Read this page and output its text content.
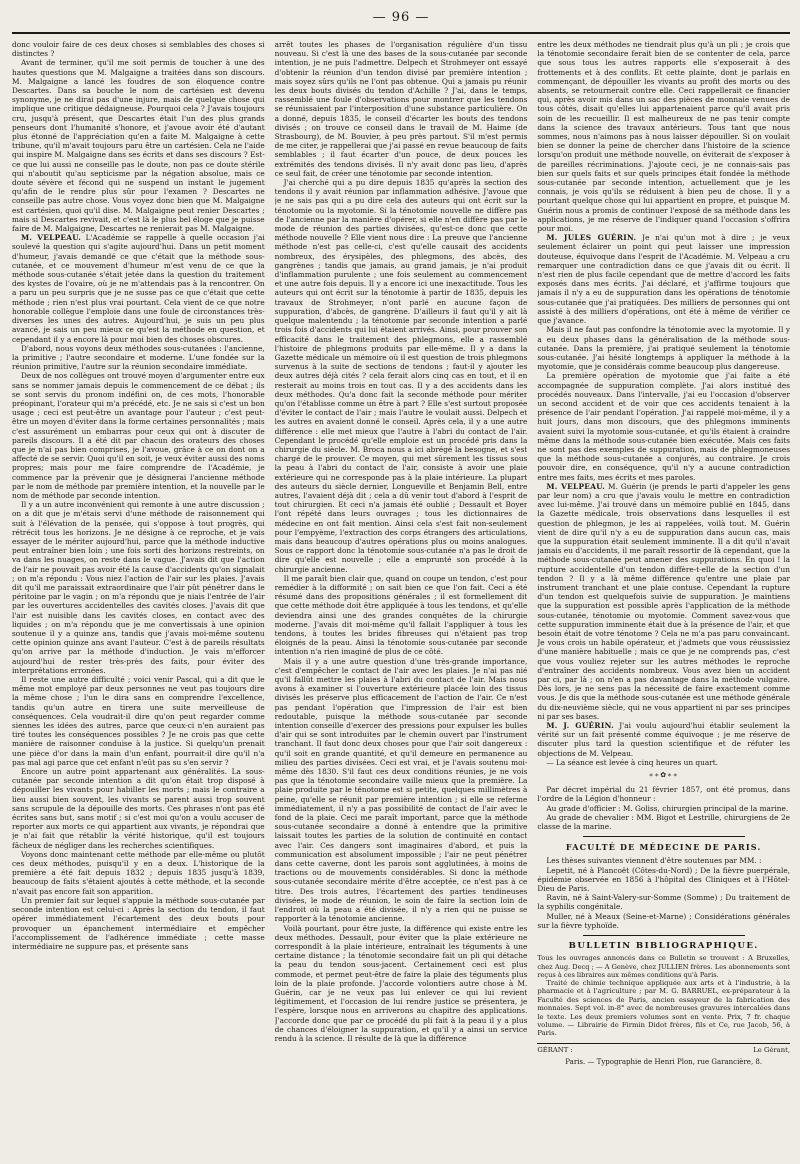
— 96 —

donc vouloir faire de ces deux choses si semblables des choses si distinctes ?

Avant de terminer, qu'il me soit permis de toucher à une des hautes questions que M. Malgaigne a traitées dans son discours. M. Malgaigne a lancé les foudres de son éloquence contre Descartes. Dans sa bouche le nom de cartésien est devenu synonyme, je ne dirai pas d'une injure, mais de quelque chose qui implique une critique dédaigneuse. Pourquoi cela ? J'avais toujours cru, jusqu'à présent, que Descartes était l'un des plus grands penseurs dont l'humanité s'honore, et j'avoue avoir été d'autant plus étonné de l'appréciation qu'en a faite M. Malgaigne à cette tribune, qu'il m'avait toujours paru être un cartésien. Cela ne l'aide qui inspire M. Malgaigne dans ses écrits et dans ses discours ? Est-ce que lui aussi ne conseille pas le doute, non pas ce doute stérile qui n'aboutit qu'au septicisme par la négation absolue, mais ce doute sévère et fécond qui ne suspend un instant le jugement qu'afin de le rendre plus sûr pour l'examen ? Descartes ne conseille pas autre chose. Vous voyez donc bien que M. Malgaigne est cartésien, quoi qu'il dise. M. Malgaigne peut renier Descartes ; mais si Descartes revivait, et c'est là le plus bel éloge que je puisse faire de M. Malgaigne, Descartes ne renierait pas M. Malgaigne.

M. VELPEAU. L'Académie se rappelle à quelle occasion j'ai soulevé la question qui s'agite aujourd'hui. Dans un petit moment d'humeur, j'avais demandé ce que c'était que la méthode sous-cutanée, et ce mouvement d'humeur m'est venu de ce que la méthode sous-cutanée s'était jetée dans la question du traitement des kystes de l'ovaire, où je ne m'attendais pas à la rencontrer. On a paru un peu surpris que je ne susse pas ce que c'était que cette méthode ; rien n'est plus vrai pourtant. Cela vient de ce que notre honorable collègue l'emploie dans une foule de circonstances très-diverses les unes des autres. Aujourd'hui, je suis un peu plus avancé, je sais un peu mieux ce qu'est la méthode en question, et cependant il y a encore là pour moi bien des choses obscures.

D'abord, nous voyons deux méthodes sous-cutanées : l'ancienne, la primitive ; l'autre secondaire et moderne. L'une fondée sur la réunion primitive, l'autre sur la réunion secondaire immédiate.

Deux de nos collègues ont trouvé moyen d'argumenter entre eux sans se nommer jamais depuis le commencement de ce débat ; ils se sont servis du pronom indéfini on, de ces mots, l'honorable préopinant, l'orateur qui m'a précédé, etc. Je ne sais si c'est un bon usage ; ceci est peut-être un avantage pour l'auteur ; c'est peut-être un moyen d'éviter dans la forme certaines personnalités ; mais c'est assurément un embarras pour ceux qui ont à discuter de pareils discours. Il a été dit par chacun des orateurs des choses que je n'ai pas bien comprises, je l'avoue, grâce à ce on dont on a affecté de se servir. Quoi qu'il en soit, je veux éviter aussi des noms propres; mais pour me faire comprendre de l'Académie, je commence par la prévenir que je désignerai l'ancienne méthode par le nom de méthode par première intention, et la nouvelle par le nom de méthode par seconde intention.

Il y a un autre inconvénient qui remonte à une autre discussion ; on a dit que je m'étais servi d'une méthode de raisonnement qui suit à l'élévation de la pensée, qui s'oppose à tout progrès, qui rétrécit tous les horizons. Je ne désigne à ce reproche, et je vais essayer de le mériter aujourd'hui, parce que la méthode inductive peut entraîner bien loin ; une fois sorti des horizons restreints, on va dans les nuages, on reste dans le vague. J'avais dit que l'action de l'air ne pouvait pas avoir été la cause d'accidents qu'on signalait ; on m'a répondu : Vous niez l'action de l'air sur les plaies. J'avais dit qu'il me paraissait extraordinaire que l'air pût pénétrer dans le péritoine par le vagin ; on m'a répondu que je niais l'entrée de l'air par les ouvertures accidentelles des cavités closes. J'avais dit que l'air est nuisible dans les cavités closes, en contact avec des liquides ; on m'a répondu que je me convertissais à une opinion soutenue il y a quinze ans, tandis que j'avais moi-même soutenu cette opinion quinze ans avant l'auteur. C'est à de pareils résultats qu'on arrive par la méthode d'induction. Je vais m'efforcer aujourd'hui de rester très-près des faits, pour éviter des interprétations erronées.

Il reste une autre difficulté ; voici venir Pascal, qui a dit que le même mot employé par deux personnes ne veut pas toujours dire la même chose ; l'un le dira sans en comprendre l'excellence, tandis qu'un autre en tirera une suite merveilleuse de conséquences. Cela voudrait-il dire qu'on peut regarder comme siennes les idées des autres, parce que ceux-ci n'en auraient pas tiré toutes les conséquences possibles ? Je ne crois pas que cette manière de raisonner conduise à la justice. Si quelqu'un prenait une pièce d'or dans la main d'un enfant, pourrait-il dire qu'il n'a pas mal agi parce que cet enfant n'eût pas su s'en servir ?

Encore un autre point appartenant aux généralités. La sous-cutanée par seconde intention a dit qu'on était trop disposé à dépouiller les vivants pour habiller les morts ; mais le contraire a lieu aussi bien souvent, les vivants se parent aussi trop souvent sans scrupule de la dépouille des morts. Ces phrases n'ont pas été écrites sans but, sans motif ; si c'est moi qu'on a voulu accuser de reporter aux morts ce qui appartient aux vivants, je répondrai que je n'ai fait que rétablir la vérité historique, qu'il est toujours fâcheux de négliger dans les recherches scientifiques.

Voyons donc maintenant cette méthode par elle-même ou plutôt ces deux méthodes, puisqu'il y en a deux. L'historique de la première a été fait depuis 1832 ; depuis 1835 jusqu'à 1839, beaucoup de faits s'étaient ajoutés à cette méthode, et la seconde n'avait pas encore fait son apparition.

Un premier fait sur lequel s'appuie la méthode sous-cutanée par seconde intention est celui-ci : Après la section du tendon, il faut opérer immédiatement l'écartement des deux bouts pour provoquer un épanchement intermédiaire et empêcher l'accomplissement de l'adhérence immédiate ; cette masse intermédiaire ne suppure pas, et présente sans

arrêt toutes les phases de l'organisation régulière d'un tissu nouveau. Si c'est là une des bases de la sous-cutanée par seconde intention, je ne puis l'admettre. Delpech et Strohmeyer ont essayé d'obtenir la réunion d'un tendon divisé par première intention ; mais soyez sûrs qu'ils ne l'ont pas obtenue. Qui a jamais pu réunir les deux bouts divisés du tendon d'Achille ? J'ai, dans le temps, rassemblé une foule d'observations pour montrer que les tendons se réunissaient par l'interposition d'une substance particulière. On a donné, depuis 1835, le conseil d'écarter les bouts des tendons divisés ; on trouve ce conseil dans le travail de M. Haime (de Strasbourg), de M. Bouvier, à peu près partout. S'il m'est permis de me citer, je rappellerai que j'ai passé en revue beaucoup de faits semblables ; il faut écarter d'un pouce, de deux pouces les extrémités des tendons divisés. Il n'y avait donc pas lieu, d'après ce seul fait, de créer une ténotomie par seconde intention.

J'ai cherché qui a pu dire depuis 1835 qu'après la section des tendons il y avait réunion par inflammation adhésive. J'avoue que je ne sais pas qui a pu dire cela des auteurs qui ont écrit sur la ténotomie ou la myotomie. Si la ténotomie nouvelle ne diffère pas de l'ancienne par la manière d'opérer, si elle n'en diffère pas par le mode de réunion des parties divisées, qu'est-ce donc que cette méthode nouvelle ? Elle vient nous dire : La preuve que l'ancienne méthode n'est pas celle-ci, c'est qu'elle causait des accidents nombreux, des érysipèles, des phlegmons, des abcès, des gangrènes ; tandis que jamais, au grand jamais, je n'ai produit d'inflammation purulente ; une fois seulement au commencement et une autre fois depuis. Il y a encore ici une inexactitude. Tous les auteurs qui ont écrit sur la ténotomie à partir de 1835, depuis les travaux de Strohmeyer, n'ont parlé en aucune façon de suppuration, d'abcès, de gangrène. D'ailleurs il faut qu'il y ait là quelque malentendu ; la ténotomie par seconde intention a parlé trois fois d'accidents qui lui étaient arrivés. Ainsi, pour prouver son efficacité dans le traitement des phlegmons, elle a rassemblé l'histoire de phlegmons produits par elle-même. Il y a dans la Gazette médicale un mémoire où il est question de trois phlegmons survenus à la suite de sections de tendons ; faut-il y ajouter les deux autres déjà cités ? cela ferait alors cinq cas en tout, et il en resterait au moins trois en tout cas. Il y a des accidents dans les deux méthodes. Qu'a donc fait la seconde méthode pour mériter qu'on l'établisse comme un être à part ? Elle s'est surtout proposée d'éviter le contact de l'air ; mais l'autre le voulait aussi. Delpech et les autres en avaient donné le conseil. Après cela, il y a une autre différence : elle met mieux que l'autre à l'abri du contact de l'air. Cependant le procédé qu'elle emploie est un procédé pris dans la chirurgie du siècle. M. Broca nous a ici abrégé la besogne, et s'est chargé de le prouver. Ce moyen, qui met sûrement les tissus sous la peau à l'abri du contact de l'air, consiste à avoir une plaie extérieure qui ne corresponde pas à la plaie intérieure. La plupart des auteurs du siècle dernier, Longueville et Benjamin Bell, entre autres, l'avaient déjà dit ; cela a dû venir tout d'abord à l'esprit de tout chirurgien. Et ceci n'a jamais été oublié ; Dessault et Boyer l'ont répété dans leurs ouvrages ; tous les dictionnaires de médecine en ont fait mention. Ainsi cela s'est fait non-seulement pour l'empyème, l'extraction des corps étrangers des articulations, mais dans beaucoup d'autres opérations plus ou moins analogues. Sous ce rapport donc la ténotomie sous-cutanée n'a pas le droit de dire qu'elle est nouvelle ; elle a emprunté son procédé à la chirurgie ancienne.

Il me paraît bien clair que, quand on coupe un tendon, c'est pour remédier à la difformité ; on sait bien ce que l'on fait. Ceci a été résumé dans des propositions générales ; il est formellement dit que cette méthode doit être appliquée à tous les tendons, et qu'elle deviendra ainsi une des grandes conquêtes de la chirurgie moderne. J'avais dit moi-même qu'il fallait l'appliquer à tous les tendons, à toutes les brides fibreuses qui n'étaient pas trop éloignés de la peau. Ainsi la ténotomie sous-cutanée par seconde intention n'a rien imaginé de plus de ce côté.

Mais il y a une autre question d'une très-grande importance, c'est d'empêcher le contact de l'air avec les plaies. Je n'ai pas nié qu'il fallût mettre les plaies à l'abri du contact de l'air. Mais nous avons à examiner si l'ouverture extérieure placée loin des tissus divisés les préserve plus efficacement de l'action de l'air. Ce n'est pas pendant l'opération que l'impression de l'air est bien redoutable, puisque la méthode sous-cutanée par seconde intention conseille d'exercer des pressions pour expulser les bulles d'air qui se sont introduites par le chemin ouvert par l'instrument tranchant. Il faut donc deux choses pour que l'air soit dangereux : qu'il soit en grande quantité, et qu'il demeure en permanence au milieu des parties divisées. Ceci est vrai, et je l'avais soutenu moi-même dès 1830. S'il faut ces deux conditions réunies, je ne vois pas que la ténotomie secondaire vaille mieux que la première. La plaie produite par le ténotome est si petite, quelques millimètres à peine, qu'elle se réunit par première intention ; si elle se referme immédiatement, il n'y a pas possibilité de contact de l'air avec le fond de la plaie. Ceci me paraît important, parce que la méthode sous-cutanée secondaire a donné à entendre que la primitive laissait toutes les parties de la solution de continuité en contact avec l'air. Ces dangers sont imaginaires d'abord, et puis la communication est absolument impossible ; l'air ne peut pénétrer dans cette caverne, dont les parois sont agglutinées, à moins de tractions ou de mouvements considérables. Si donc la méthode sous-cutanée secondaire mérite d'être acceptée, ce n'est pas à ce titre. Des trois autres, l'écartement des parties tendineuses divisées, le mode de réunion, le soin de faire la section loin de l'endroit où la peau a été divisée, il n'y a rien qui ne puisse se rapporter à la ténotomie ancienne.

Voilà pourtant, pour être juste, la différence qui existe entre les deux méthodes. Dessault, pour éviter que la plaie extérieure ne correspondît à la plaie intérieure, entraînait les téguments à une certaine distance ; la ténotomie secondaire fait un pli qui détache la peau du tendon sous-jacent. Certainement ceci est plus commode, et permet peut-être de faire la plaie des téguments plus loin de la plaie profonde. J'accorde volontiers autre chose à M. Guérin, car je ne veux pas lui enlever ce qui lui revient légitimement, et l'occasion de lui rendre justice se présentera, je l'espère, lorsque nous en arriverons au chapitre des applications. J'accorde donc que par ce procédé du pli fait à la peau il y a plus de chances d'éloigner la suppuration, et qu'il y a ainsi un service rendu à la science. Il résulte de là que la différence

entre les deux méthodes ne tiendrait plus qu'à un pli ; je crois que la ténotomie secondaire ferait bien de se contenter de cela, parce que sous tous les autres rapports elle s'exposerait à des frottements et à des conflits. Et cette plainte, dont je parlais en commençant, de dépouiller les vivants au profit des morts ou des absents, se retournerait contre elle. Ceci rappellerait ce financier qui, après avoir mis dans un sac des pièces de monnaie venues de tous côtés, disait qu'elles lui appartenaient parce qu'il avait pris soin de les recueillir. Il est malheureux de ne pas tenir compte dans la science des travaux antérieurs. Tous tant que nous sommes, nous n'aimons pas à nous laisser dépouiller. Si on voulait bien se donner la peine de chercher dans l'histoire de la science lorsqu'on produit une méthode nouvelle, on éviterait de s'exposer à de pareilles récriminations. J'ajoute ceci, je ne connais-sais pas bien sur quels faits et sur quels principes était fondée la méthode sous-cutanée par seconde intention, actuellement que je les connais, je vois qu'ils se réduisent à bien peu de chose. Il y a pourtant quelque chose qui lui appartient en propre, et puisque M. Guérin nous a promis de continuer l'exposé de sa méthode dans les applications, je me réserve de l'indiquer quand l'occasion s'offrira pour moi.

M. JULES GUÉRIN. Je n'ai qu'un mot à dire ; je veux seulement éclairer un point qui peut laisser une impression douteuse, équivoque dans l'esprit de l'Académie. M. Velpeau a cru remarquer une contradiction dans ce que j'avais dit ou écrit. Il n'est rien de plus facile cependant que de mettre d'accord les faits exposés dans mes écrits. J'ai déclaré, et j'affirme toujours que jamais il n'y a eu de suppuration dans les opérations de ténotomie sous-cutanée que j'ai pratiquées. Des milliers de personnes qui ont assisté à des milliers d'opérations, ont été à même de vérifier ce que j'avance.

Mais il ne faut pas confondre la ténotomie avec la myotomie. Il y a eu deux phases dans la généralisation de la méthode sous-cutanée. Dans la première, j'ai pratiqué seulement la ténotomie sous-cutanée. J'ai hésité longtemps à appliquer la méthode à la myotomie, que je considérais comme beaucoup plus dangereuse.

La première opération de myotomie que j'ai faite a été accompagnée de suppuration complète. J'ai alors institué des procédés nouveaux. Dans l'intervalle, j'ai eu l'occasion d'observer un second accident et de voir que ces accidents tenaient à la présence de l'air pendant l'opération. J'ai rappelé moi-même, il y a huit jours, dans mon discours, que des phlegmons imminents avaient suivi la myotomie sous-cutanée, et qu'ils étaient à craindre même dans la méthode sous-cutanée bien exécutée. Mais ces faits ne sont pas des exemples de suppuration, mais de phlegmoneuses que la méthode sous-cutanée a conjurés, au contraire. Je crois pouvoir dire, en conséquence, qu'il n'y a aucune contradiction entre mes faits, mes écrits et mes paroles.

M. VELPEAU. M. Guérin (je prends le parti d'appeler les gens par leur nom) a cru que j'avais voulu le mettre en contradiction avec lui-même. J'ai trouvé dans un mémoire publié en 1845, dans la Gazette médicale, trois observations dans lesquelles il est question de phlegmon, je les ai rappelées, voilà tout. M. Guérin vient de dire qu'il n'y a eu de suppuration dans aucun cas, mais que la suppuration était seulement imminente. Il a dit qu'il n'avait jamais eu d'accidents, il me paraît ressortir de là cependant, que la méthode sous-cutanée peut amener des suppurations. En quoi ! la rupture accidentelle d'un tendon diffère-t-elle de la section d'un tendon ? Il y a là même différence qu'entre une plaie par instrument tranchant et une plaie contuse. Cependant la rupture d'un tendon est quelquefois suivie de suppuration. Je maintiens que la suppuration est possible après l'application de la méthode sous-cutanée, ténotomie ou myotomie. Comment savez-vous que cette suppuration imminente était due à la présence de l'air, et que besoin était de votre ténotome ? Cela ne m'a pas paru convaincant. Je vous crois un habile opérateur, et j'admets que vous réussissiez d'une manière habituelle ; mais ce que je ne comprends pas, c'est que vous vouliez rejeter sur les autres méthodes le reproche d'entraîner des accidents nombreux. Vous avez bien un accident par ci, par là ; on n'en a pas davantage dans la méthode vulgaire. Dès lors, je ne sens pas la nécessité de faire exactement comme vous. Je dis que la méthode sous-cutanée est une méthode générale du dix-neuvième siècle, qui ne vous appartient ni par ses principes ni par ses bases.

M. J. GUÉRIN. J'ai voulu aujourd'hui établir seulement la vérité sur un fait présenté comme équivoque ; je me réserve de discuter plus tard la question scientifique et de réfuter les objections de M. Velpeau.

— La séance est levée à cinq heures un quart.

∗∗✿∗∗

Par décret impérial du 21 février 1857, ont été promus, dans l'ordre de la Légion d'honneur :

Au grade d'officier : M. Goliss, chirurgien principal de la marine.

Au grade de chevalier : MM. Bigot et Lestrille, chirurgiens de 2e classe de la marine.

FACULTÉ DE MÉDECINE DE PARIS.

Les thèses suivantes viennent d'être soutenues par MM. :

Lepetit, né à Plancoët (Côtes-du-Nord) ; De la fièvre puerpérale, épidémie observée en 1856 à l'hôpital des Cliniques et à l'Hôtel-Dieu de Paris.

Ravin, né à Saint-Valery-sur-Somme (Somme) ; Du traitement de la syphilis congénitale.

Muller, né à Meaux (Seine-et-Marne) ; Considérations générales sur la fièvre typhoïde.

BULLETIN BIBLIOGRAPHIQUE.

Tous les ouvrages annoncés dans ce Bulletin se trouvent : A Bruxelles, chez Aug. Decq ; — A Genève, chez JULLIEN frères. Les abonnements sont reçus à ces libraires aux mêmes conditions qu'à Paris.

Traité de chimie technique appliquée aux arts et à l'industrie, à la pharmacie et à l'agriculture ; par M. G. BARRUEL, ex-préparateur à la Faculté des sciences de Paris, ancien essayeur de la fabrication des monnaies. Sept vol. in-8° avec de nombreuses gravures intercalées dans le texte. Les deux premiers volumes sont en vente. Prix, 7 fr. chaque volume. — Librairie de Firmin Didot frères, fils et Ce, rue Jacob, 56, à Paris.

GÉRANT :	Le Gérant,
Paris. — Typographie de Henri Plon, rue Garancière, 8.
